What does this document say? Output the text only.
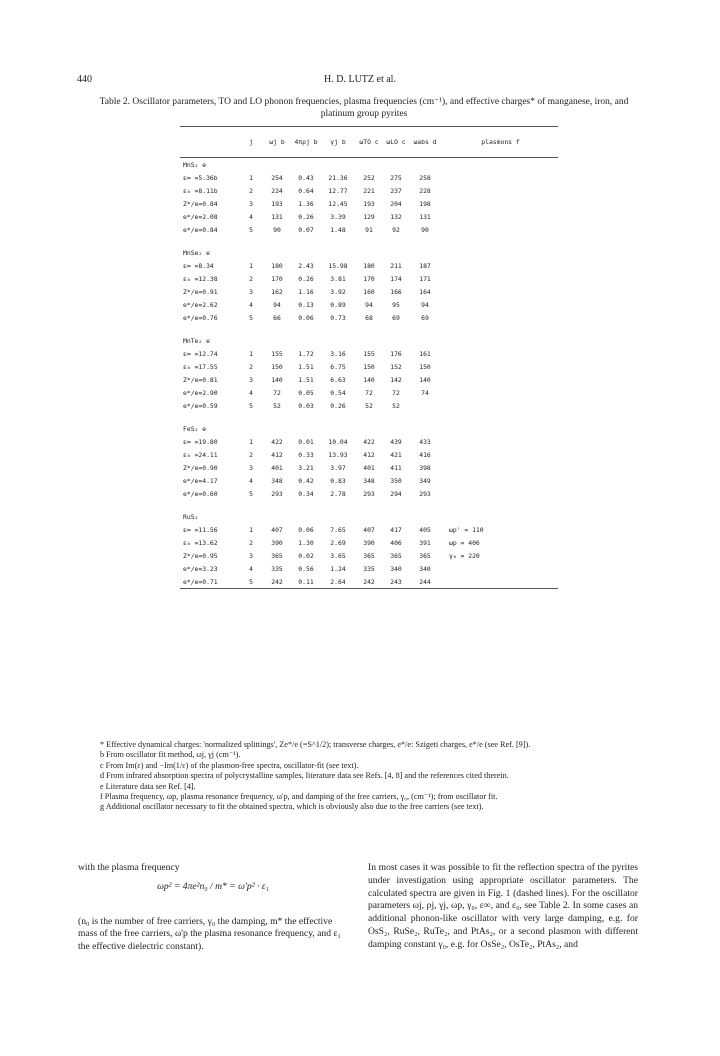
440	H. D. LUTZ et al.
Table 2. Oscillator parameters, TO and LO phonon frequencies, plasma frequencies (cm⁻¹), and effective charges* of manganese, iron, and platinum group pyrites
	j	ωj b	4πρj b	γj b	ωTO c	ωLO c	ωabs d	plasmons f
MnS₂ e								
ε∞ =5.36b	1	254	0.43	21.36	252	275	258	
ε₀ =8.11b	2	224	0.64	12.77	221	237	228	
Z*/e=0.84	3	193	1.36	12.45	193	204	198	
e*/e=2.08	4	131	0.26	3.39	129	132	131	
e*/e=0.84	5	90	0.07	1.48	91	92	90	

MnSe₂ e								
ε∞ =8.34	1	180	2.43	15.98	180	211	187	
ε₀ =12.38	2	170	0.26	3.81	170	174	171	
Z*/e=0.91	3	162	1.16	3.92	160	166	164	
e*/e=2.62	4	94	0.13	0.89	94	95	94	
e*/e=0.76	5	66	0.06	0.73	68	69	69	

MnTe₂ e								
ε∞ =12.74	1	155	1.72	3.16	155	176	161	
ε₀ =17.55	2	150	1.51	6.75	150	152	150	
Z*/e=0.81	3	140	1.51	6.63	140	142	140	
e*/e=2.90	4	72	0.05	0.54	72	72	74	
e*/e=0.59	5	52	0.03	0.26	52	52		

FeS₂ e								
ε∞ =19.80	1	422	0.01	10.04	422	439	433	
ε₀ =24.11	2	412	0.33	13.93	412	421	416	
Z*/e=0.90	3	401	3.21	3.97	401	411	398	
e*/e=4.17	4	348	0.42	0.83	348	350	349	
e*/e=0.60	5	293	0.34	2.78	293	294	293	

RuS₂								
ε∞ =11.56	1	407	0.06	7.65	407	417	405	ωp' = 110
ε₀ =13.62	2	390	1.30	2.69	390	406	391	ωp = 406
Z*/e=0.95	3	365	0.02	3.65	365	365	365	γ₀ = 220
e*/e=3.23	4	335	0.56	1.24	335	340	340	
e*/e=0.71	5	242	0.11	2.64	242	243	244	

* Effective dynamical charges: 'normalized splittings', Ze*/e (=S^1/2); transverse charges, e*/e: Szigeti charges, e*/e (see Ref. [9]).

b From oscillator fit method, ωj, γj (cm⁻¹).

c From Im(ε) and −Im(1/ε) of the plasmon-free spectra, oscillator-fit (see text).

d From infrared absorption spectra of polycrystalline samples, literature data see Refs. [4, 8] and the references cited therein.

e Literature data see Ref. [4].

f Plasma frequency, ωp, plasma resonance frequency, ω'p, and damping of the free carriers, γ₀, (cm⁻¹); from oscillator fit.

g Additional oscillator necessary to fit the obtained spectra, which is obviously also due to the free carriers (see text).

with the plasma frequency

ωp² = 4πe²n₀ / m* = ω'p² · ε₁

(n₀ is the number of free carriers, γ₀ the damping, m* the effective mass of the free carriers, ω'p the plasma resonance frequency, and ε₁ the effective dielectric constant).

In most cases it was possible to fit the reflection spectra of the pyrites under investigation using appropriate oscillator parameters. The calculated spectra are given in Fig. 1 (dashed lines). For the oscillator parameters ωj, ρj, γj, ωp, γ₀, ε∞, and ε₀, see Table 2. In some cases an additional phonon-like oscillator with very large damping, e.g. for OsS₂, RuSe₂, RuTe₂, and PtAs₂, or a second plasmon with different damping constant γ₀, e.g. for OsSe₂, OsTe₂, PtAs₂, and
